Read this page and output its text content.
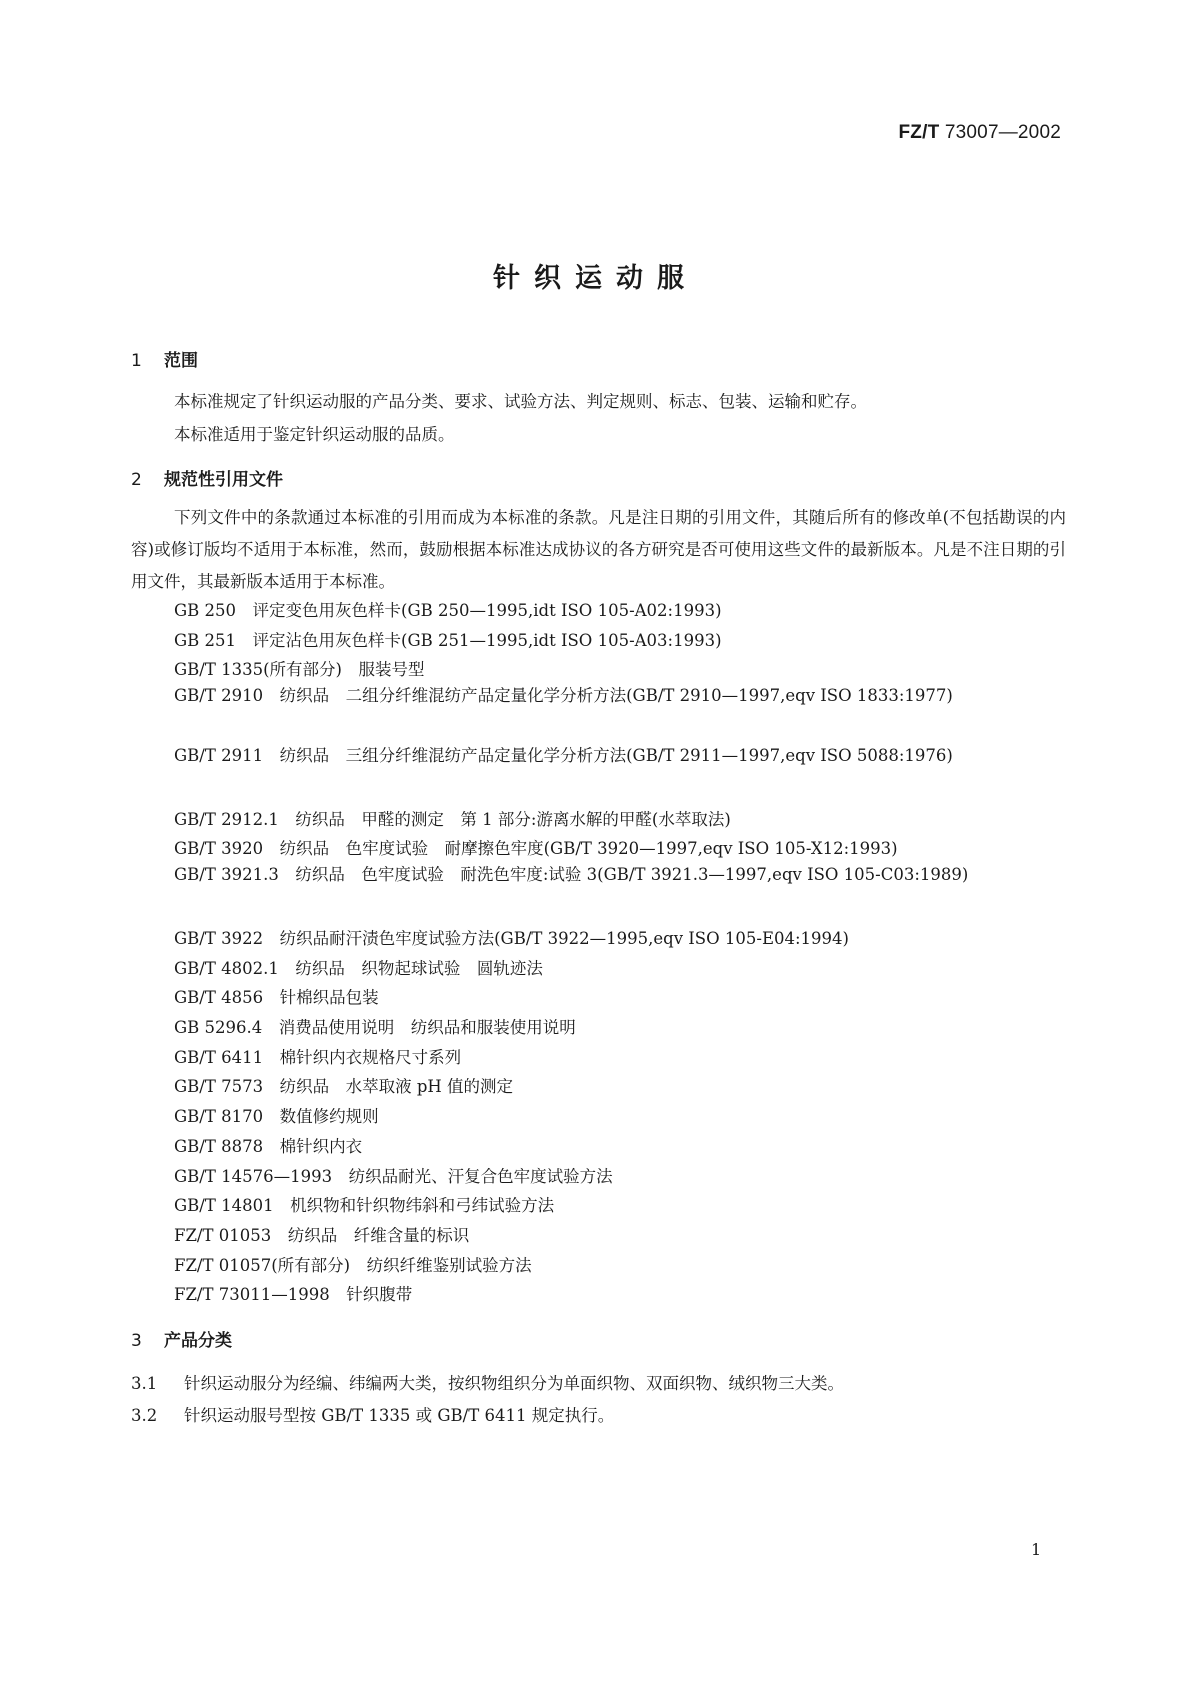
FZ/T 73007—2002
针织运动服
1 范围
本标准规定了针织运动服的产品分类、要求、试验方法、判定规则、标志、包装、运输和贮存。
本标准适用于鉴定针织运动服的品质。
2 规范性引用文件
下列文件中的条款通过本标准的引用而成为本标准的条款。凡是注日期的引用文件，其随后所有的修改单(不包括勘误的内容)或修订版均不适用于本标准，然而，鼓励根据本标准达成协议的各方研究是否可使用这些文件的最新版本。凡是不注日期的引用文件，其最新版本适用于本标准。
GB 250　评定变色用灰色样卡(GB 250—1995,idt ISO 105-A02:1993)
GB 251　评定沾色用灰色样卡(GB 251—1995,idt ISO 105-A03:1993)
GB/T 1335(所有部分)　服装号型
GB/T 2910　纺织品　二组分纤维混纺产品定量化学分析方法(GB/T 2910—1997,eqv ISO 1833:1977)
GB/T 2911　纺织品　三组分纤维混纺产品定量化学分析方法(GB/T 2911—1997,eqv ISO 5088:1976)
GB/T 2912.1　纺织品　甲醛的测定　第 1 部分:游离水解的甲醛(水萃取法)
GB/T 3920　纺织品　色牢度试验　耐摩擦色牢度(GB/T 3920—1997,eqv ISO 105-X12:1993)
GB/T 3921.3　纺织品　色牢度试验　耐洗色牢度:试验 3(GB/T 3921.3—1997,eqv ISO 105-C03:1989)
GB/T 3922　纺织品耐汗渍色牢度试验方法(GB/T 3922—1995,eqv ISO 105-E04:1994)
GB/T 4802.1　纺织品　织物起球试验　圆轨迹法
GB/T 4856　针棉织品包装
GB 5296.4　消费品使用说明　纺织品和服装使用说明
GB/T 6411　棉针织内衣规格尺寸系列
GB/T 7573　纺织品　水萃取液 pH 值的测定
GB/T 8170　数值修约规则
GB/T 8878　棉针织内衣
GB/T 14576—1993　纺织品耐光、汗复合色牢度试验方法
GB/T 14801　机织物和针织物纬斜和弓纬试验方法
FZ/T 01053　纺织品　纤维含量的标识
FZ/T 01057(所有部分)　纺织纤维鉴别试验方法
FZ/T 73011—1998　针织腹带
3 产品分类
3.1 针织运动服分为经编、纬编两大类，按织物组织分为单面织物、双面织物、绒织物三大类。
3.2 针织运动服号型按 GB/T 1335 或 GB/T 6411 规定执行。
1
